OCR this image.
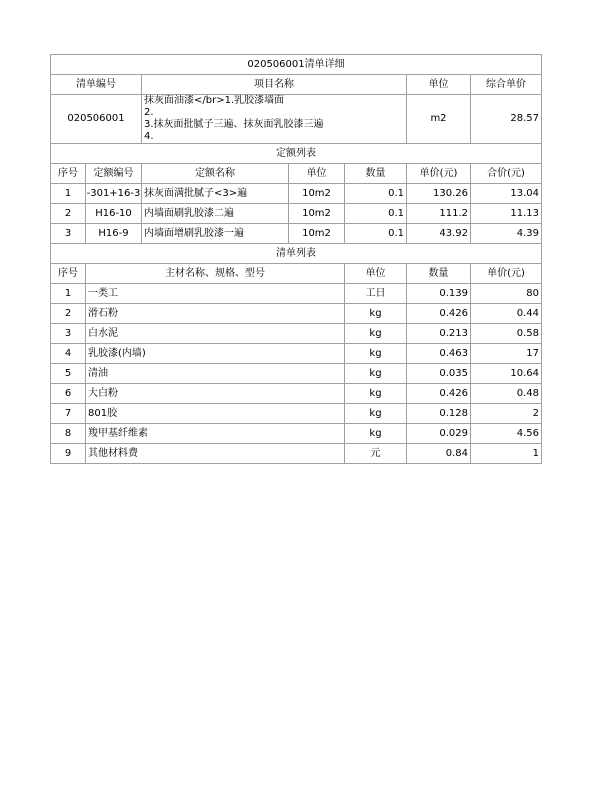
020506001清单详细							
清单编号		项目名称			单位	综合单价	
020506001		抹灰面油漆</br>1.乳胶漆墙面
2.
3.抹灰面批腻子三遍、抹灰面乳胶漆三遍
4.			m2	28.57	
定额列表							
序号	定额编号	定额名称	单位	数量	单价(元)	合价(元)	
1	-301+16-3	抹灰面满批腻子<3>遍	10m2	0.1	130.26	13.04	
2	H16-10	内墙面刷乳胶漆二遍	10m2	0.1	111.2	11.13	
3	H16-9	内墙面增刷乳胶漆一遍	10m2	0.1	43.92	4.39	
清单列表							
序号	主材名称、规格、型号			单位	数量	单价(元)	
1	一类工			工日	0.139	80	
2	滑石粉			kg	0.426	0.44	
3	白水泥			kg	0.213	0.58	
4	乳胶漆(内墙)			kg	0.463	17	
5	清油			kg	0.035	10.64	
6	大白粉			kg	0.426	0.48	
7	801胶			kg	0.128	2	
8	羧甲基纤维素			kg	0.029	4.56	
9	其他材料费			元	0.84	1	
